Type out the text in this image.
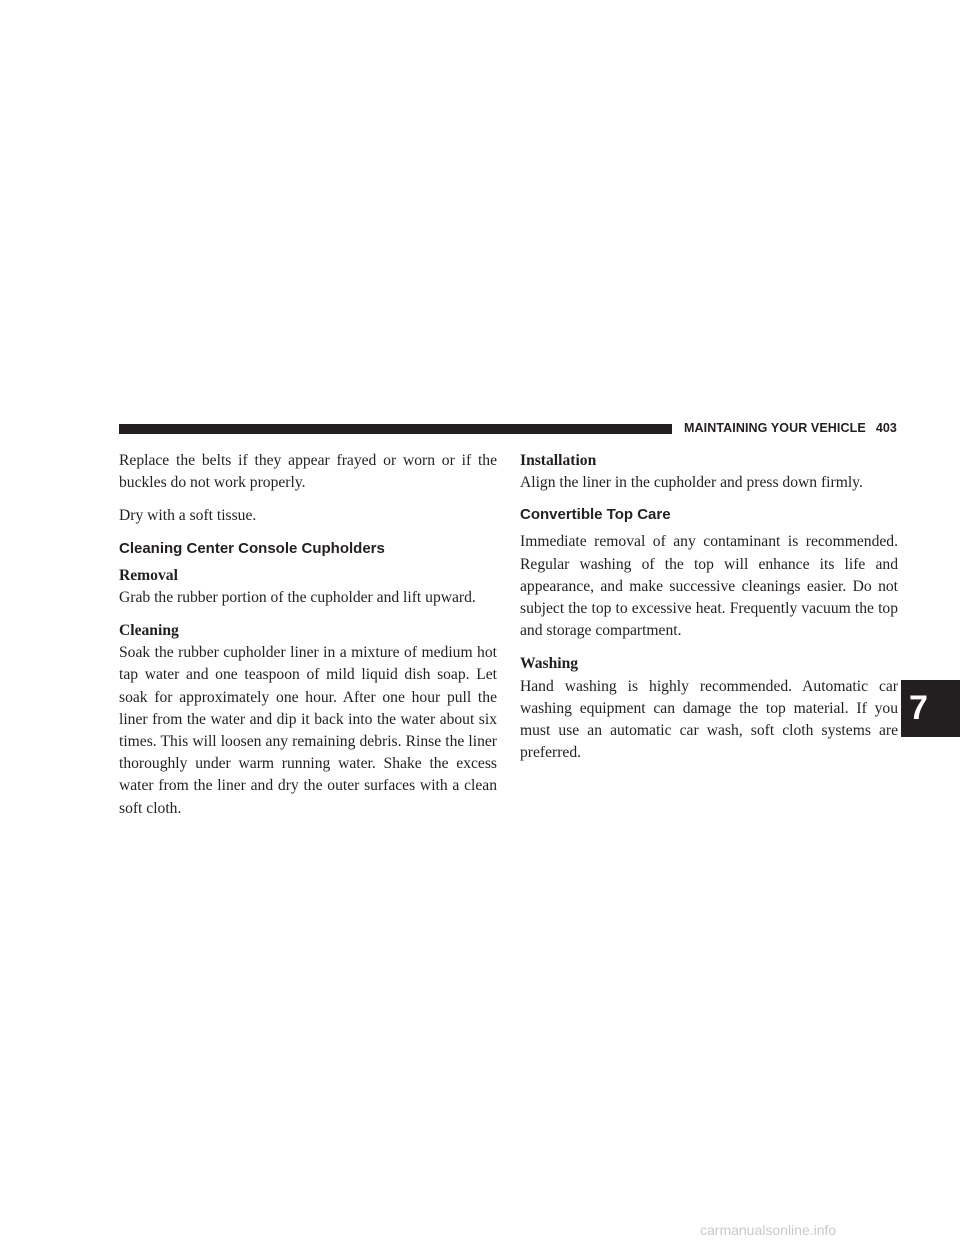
MAINTAINING YOUR VEHICLE 403

Replace the belts if they appear frayed or worn or if the buckles do not work properly.

Dry with a soft tissue.

Cleaning Center Console Cupholders
Removal

Grab the rubber portion of the cupholder and lift upward.

Cleaning

Soak the rubber cupholder liner in a mixture of medium hot tap water and one teaspoon of mild liquid dish soap. Let soak for approximately one hour. After one hour pull the liner from the water and dip it back into the water about six times. This will loosen any remaining debris. Rinse the liner thoroughly under warm running water. Shake the excess water from the liner and dry the outer surfaces with a clean soft cloth.

Installation

Align the liner in the cupholder and press down firmly.

Convertible Top Care

Immediate removal of any contaminant is recommended. Regular washing of the top will enhance its life and appearance, and make successive cleanings easier. Do not subject the top to excessive heat. Frequently vacuum the top and storage compartment.

Washing

Hand washing is highly recommended. Automatic car washing equipment can damage the top material. If you must use an automatic car wash, soft cloth systems are preferred.

7
carmanualsonline.info
